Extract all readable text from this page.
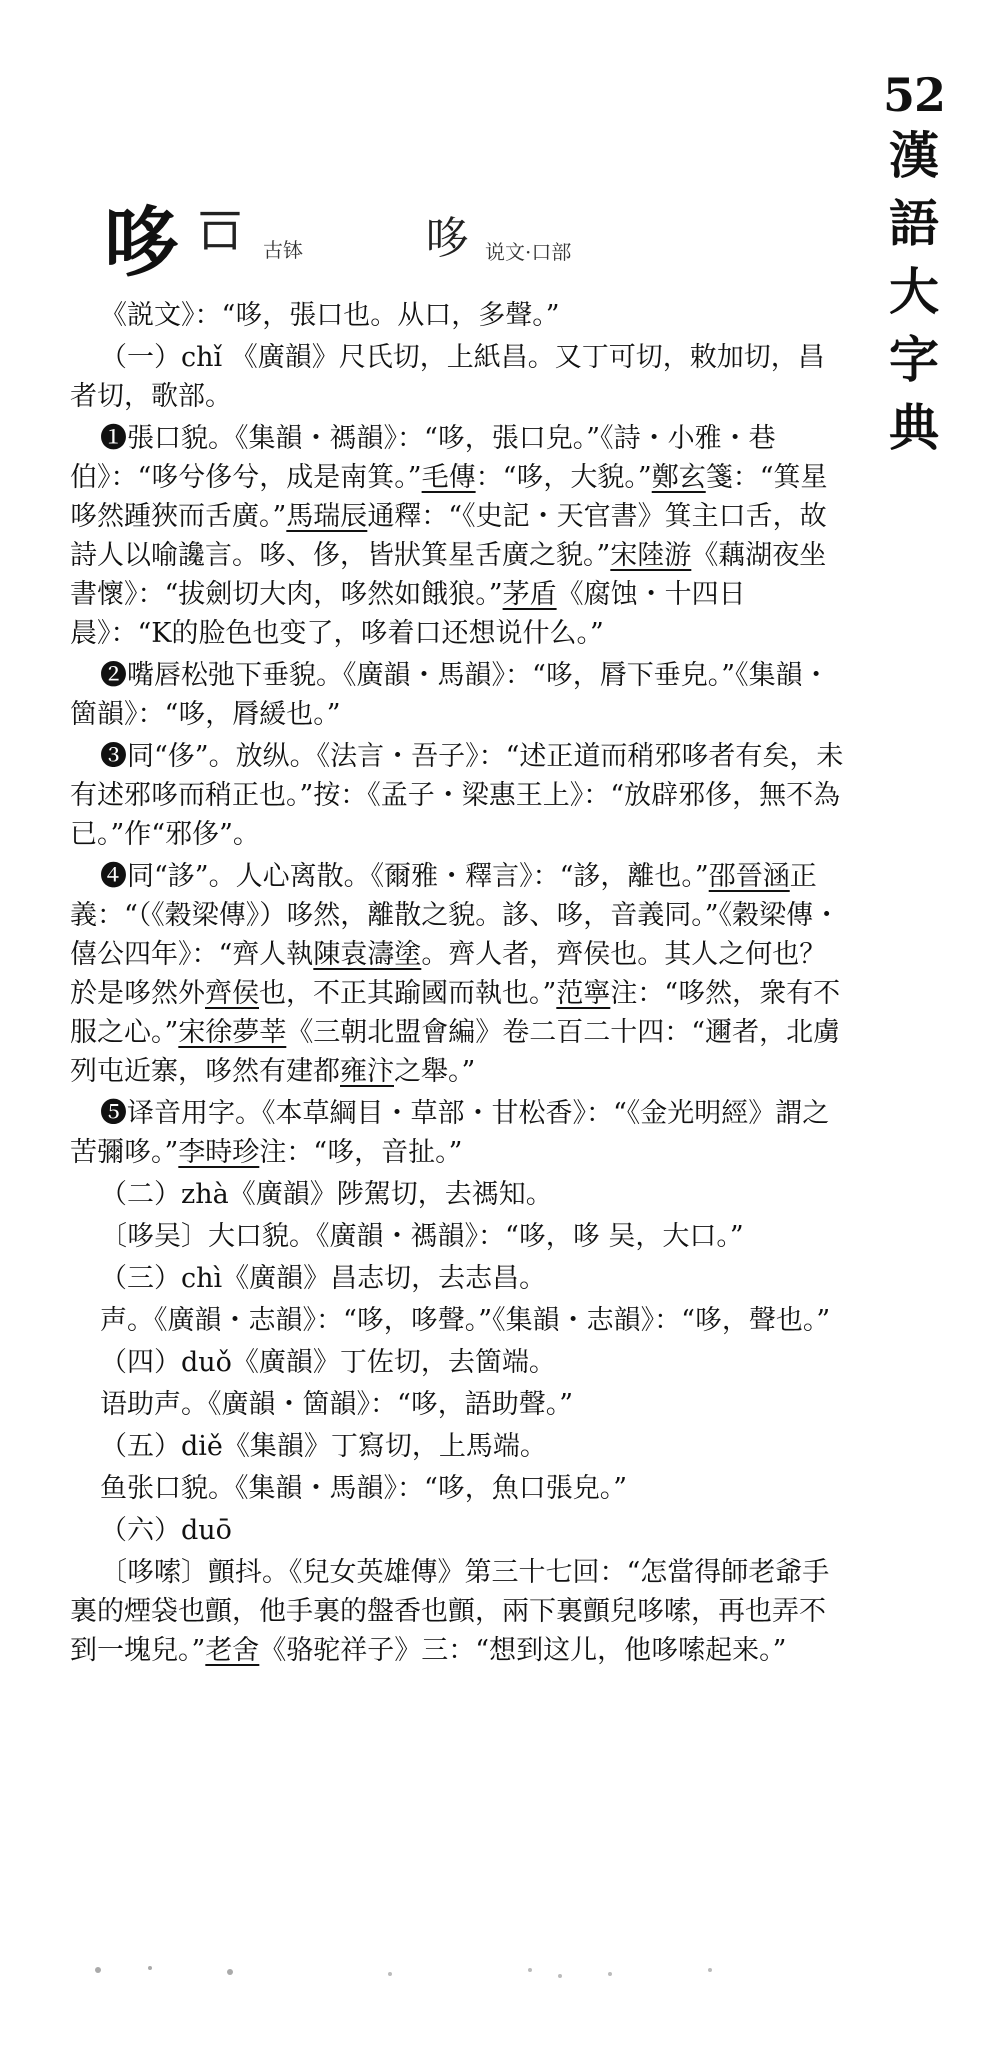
52
漢
語
大
字
典
哆 𠮛 古钵	哆 说文·口部

《説文》：“哆，張口也。从口，多聲。”

（一）chǐ 《廣韻》尺氏切，上紙昌。又丁可切，敕加切，昌者切，歌部。

❶張口貌。《集韻・禡韻》：“哆，張口皃。”《詩・小雅・巷伯》：“哆兮侈兮，成是南箕。”毛傳：“哆，大貌。”鄭玄箋：“箕星哆然踵狹而舌廣。”馬瑞辰通釋：“《史記・天官書》箕主口舌，故詩人以喻讒言。哆、侈，皆狀箕星舌廣之貌。”宋陸游《藕湖夜坐書懷》：“拔劍切大肉，哆然如餓狼。”茅盾《腐蚀・十四日晨》：“K的脸色也变了，哆着口还想说什么。”

❷嘴唇松弛下垂貌。《廣韻・馬韻》：“哆，脣下垂皃。”《集韻・箇韻》：“哆，脣緩也。”

❸同“侈”。放纵。《法言・吾子》：“述正道而稍邪哆者有矣，未有述邪哆而稍正也。”按：《孟子・梁惠王上》：“放辟邪侈，無不為已。”作“邪侈”。

❹同“誃”。人心离散。《爾雅・釋言》：“誃，離也。”邵晉涵正義：“（《穀梁傳》）哆然，離散之貌。誃、哆，音義同。”《穀梁傳・僖公四年》：“齊人執陳袁濤塗。齊人者，齊侯也。其人之何也？於是哆然外齊侯也，不正其踰國而執也。”范寧注：“哆然，衆有不服之心。”宋徐夢莘《三朝北盟會編》卷二百二十四：“邇者，北虜列屯近寨，哆然有建都雍汴之舉。”

❺译音用字。《本草綱目・草部・甘松香》：“《金光明經》謂之苦彌哆。”李時珍注：“哆，音扯。”

（二）zhà《廣韻》陟駕切，去禡知。

〔哆吴〕大口貌。《廣韻・禡韻》：“哆，哆 吴，大口。”

（三）chì《廣韻》昌志切，去志昌。

声。《廣韻・志韻》：“哆，哆聲。”《集韻・志韻》：“哆，聲也。”

（四）duǒ《廣韻》丁佐切，去箇端。

语助声。《廣韻・箇韻》：“哆，語助聲。”

（五）diě《集韻》丁寫切，上馬端。

鱼张口貌。《集韻・馬韻》：“哆，魚口張皃。”

（六）duō

〔哆嗦〕顫抖。《兒女英雄傳》第三十七回：“怎當得師老爺手裏的煙袋也顫，他手裏的盤香也顫，兩下裏顫兒哆嗦，再也弄不到一塊兒。”老舍《骆驼祥子》三：“想到这儿，他哆嗦起来。”
